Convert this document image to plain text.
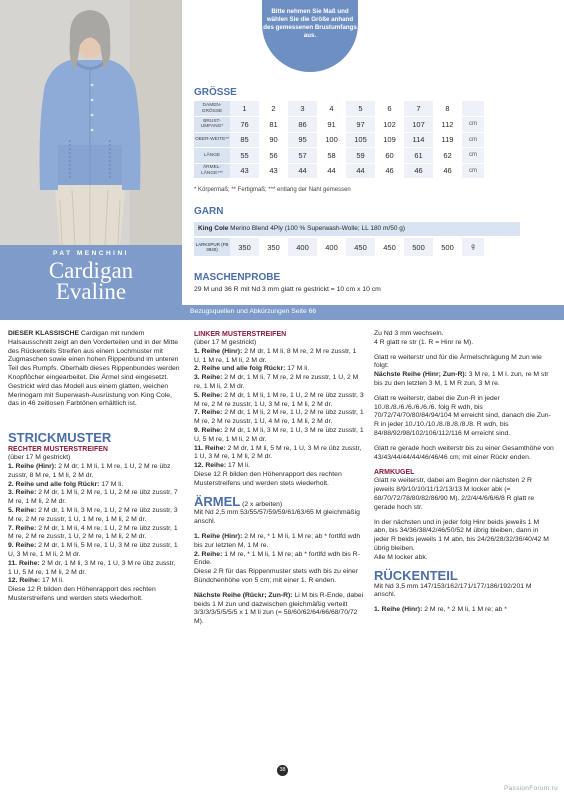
PAT MENCHINI
Cardigan
Evaline
Bitte nehmen Sie Maß und wählen Sie die Größe anhand des gemessenen Brustumfangs aus.
GRÖSSE
DAMEN-GRÖSSE	1	2	3	4	5	6	7	8	
BRUST-UMFANG*	76	81	86	91	97	102	107	112	cm
OBER-WEITE**	85	90	95	100	105	109	114	119	cm
LÄNGE	55	56	57	58	59	60	61	62	cm
ÄRMEL-LÄNGE***	43	43	44	44	44	46	46	46	cm
* Körpermaß; ** Fertigmaß; *** entlang der Naht gemessen
GARN
King Cole Merino Blend 4Ply (100 % Superwash-Wolle; LL 180 m/50 g)
LARKSPUR (FB 3940)	350	350	400	400	450	450	500	500	g
MASCHENPROBE
29 M und 36 R mit Nd 3 mm glatt re gestrickt = 10 cm x 10 cm
Bezugsquellen und Abkürzungen Seite 66

DIESER KLASSISCHE Cardigan mit rundem Halsausschnitt zeigt an den Vorderteilen und in der Mitte des Rückenteils Streifen aus einem Lochmuster mit Zugmaschen sowie einen hohen Rippenbund im unteren Teil des Rumpfs. Oberhalb dieses Rippenbundes werden Knopflöcher eingearbeitet. Die Ärmel sind eingesetzt. Gestrickt wird das Modell aus einem glatten, weichen Merinogarn mit Superwash-Ausrüstung von King Cole, das in 46 zeitlosen Farbtönen erhältlich ist.

STRICKMUSTER
RECHTER MUSTERSTREIFEN
(über 17 M gestrickt)
1. Reihe (Hinr): 2 M dr, 1 M li, 1 M re, 1 U, 2 M re übz zusstr, 8 M re, 1 M li, 2 M dr.
2. Reihe und alle folg Rückr: 17 M li.
3. Reihe: 2 M dr, 1 M li, 2 M re, 1 U, 2 M re übz zusstr, 7 M re, 1 M li, 2 M dr.
5. Reihe: 2 M dr, 1 M li, 3 M re, 1 U, 2 M re übz zusstr, 3 M re, 2 M re zusstr, 1 U, 1 M re, 1 M li, 2 M dr.
7. Reihe: 2 M dr, 1 M li, 4 M re, 1 U, 2 M re übz zusstr, 1 M re, 2 M re zusstr, 1 U, 2 M re, 1 M li, 2 M dr.
9. Reihe: 2 M dr, 1 M li, 5 M re, 1 U, 3 M re übz zusstr, 1 U, 3 M re, 1 M li, 2 M dr.
11. Reihe: 2 M dr, 1 M li, 3 M re, 1 U, 3 M re übz zusstr, 1 U, 5 M re, 1 M li, 2 M dr.
12. Reihe: 17 M li.
Diese 12 R bilden den Höhenrapport des rechten Musterstreifens und werden stets wiederholt.
LINKER MUSTERSTREIFEN
(über 17 M gestrickt)
1. Reihe (Hinr): 2 M dr, 1 M li, 8 M re, 2 M re zusstr, 1 U, 1 M re, 1 M li, 2 M dr.
2. Reihe und alle folg Rückr: 17 M li.
3. Reihe: 2 M dr, 1 M li, 7 M re, 2 M re zusstr, 1 U, 2 M re, 1 M li, 2 M dr.
5. Reihe: 2 M dr, 1 M li, 1 M re, 1 U, 2 M re übz zusstr, 3 M re, 2 M re zusstr, 1 U, 3 M re, 1 M li, 2 M dr.
7. Reihe: 2 M dr, 1 M li, 2 M re, 1 U, 2 M re übz zusstr, 1 M re, 2 M re zusstr, 1 U, 4 M re, 1 M li, 2 M dr.
9. Reihe: 2 M dr, 1 M li, 3 M re, 1 U, 3 M re übz zusstr, 1 U, 5 M re, 1 M li, 2 M dr.
11. Reihe: 2 M dr, 1 M li, 5 M re, 1 U, 3 M re übz zusstr, 1 U, 3 M re, 1 M li, 2 M dr.
12. Reihe: 17 M li.

Diese 12 R bilden den Höhenrapport des rechten Musterstreifens und werden stets wiederholt.

ÄRMEL (2 x arbeiten)

Mit Nd 2,5 mm 53/55/57/59/59/61/63/65 M gleichmäßig anschl.

1. Reihe (Hinr): 2 M re, * 1 M li, 1 M re; ab * fortlfd wdh bis zur letzten M, 1 M re.
2. Reihe: 1 M re, * 1 M li, 1 M re; ab * fortlfd wdh bis R-Ende.

Diese 2 R für das Rippenmuster stets wdh bis zu einer Bündchenhöhe von 5 cm; mit einer 1. R enden.

Nächste Reihe (Rückr; Zun-R): Li M bis R-Ende, dabei beids 1 M zun und dazwischen gleichmäßig verteilt 3/3/3/3/5/5/5/5 x 1 M li zun (= 58/60/62/64/66/68/70/72 M).
Zu Nd 3 mm wechseln.

4 R glatt re str (1. R = Hinr re M).

Glatt re weiterstr und für die Ärmelschrägung M zun wie folgt:

Nächste Reihe (Hinr; Zun-R): 3 M re, 1 M I. zun, re M str bis zu den letzten 3 M, 1 M R zun, 3 M re.

Glatt re weiterstr, dabei die Zun-R in jeder 10./8./8./6./6./6./6./6. folg R wdh, bis 70/72/74/70/80/84/94/104 M erreicht sind, danach die Zun-R in jeder 10./10./10./8./8./8./8./8. R wdh, bis 84/88/92/98/102/106/112/116 M erreicht sind.

Glatt re gerade hoch weiterstr bis zu einer Gesamthöhe von 43/43/44/44/44/46/46/46 cm; mit einer Rückr enden.

ARMKUGEL

Glatt re weiterstr, dabei am Beginn der nächsten 2 R jeweils 8/9/10/10/11/12/13/13 M locker abk (= 68/70/72/78/80/82/86/90 M). 2/2/4/4/6/6/6/8 R glatt re gerade hoch str.

In der nächsten und in jeder folg Hinr beids jeweils 1 M abn, bis 34/36/38/42/46/50/52 M übrig bleiben, dann in jeder R beids jeweils 1 M abn, bis 24/26/28/32/36/40/42 M übrig bleiben.

Alle M locker abk.

RÜCKENTEIL

Mit Nd 3,5 mm 147/153/162/171/177/186/192/201 M anschl.

1. Reihe (Hinr): 2 M re, * 2 M li, 1 M re; ab *
38
PassionForum.ru
